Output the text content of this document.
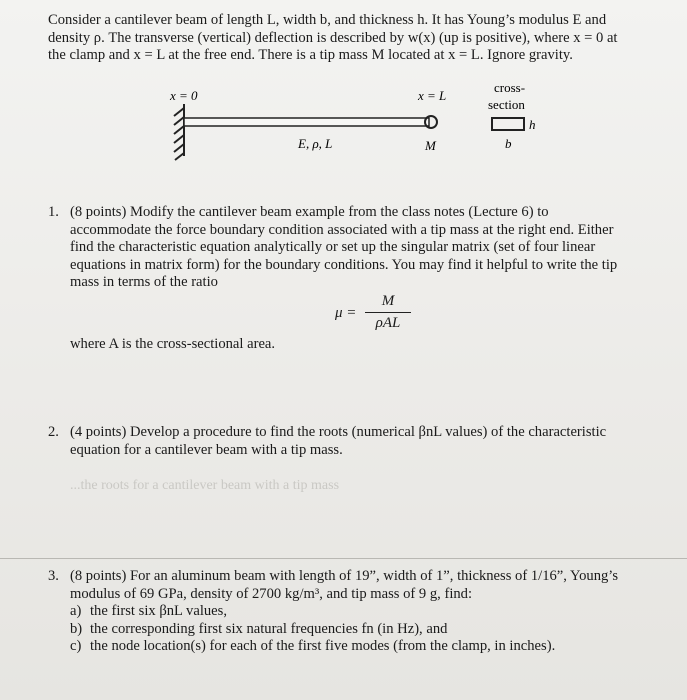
Consider a cantilever beam of length L, width b, and thickness h. It has Young’s modulus E and
density ρ. The transverse (vertical) deflection is described by w(x) (up is positive), where x = 0 at
the clamp and x = L at the free end. There is a tip mass M located at x = L. Ignore gravity.
x = 0	x = L
cross-
section
E, ρ, L	M
h
b
1. (8 points) Modify the cantilever beam example from the class notes (Lecture 6) to
accommodate the force boundary condition associated with a tip mass at the right end. Either
find the characteristic equation analytically or set up the singular matrix (set of four linear
equations in matrix form) for the boundary conditions. You may find it helpful to write the tip
mass in terms of the ratio
μ =
M
ρAL
where A is the cross-sectional area.
2. (4 points) Develop a procedure to find the roots (numerical βnL values) of the characteristic
equation for a cantilever beam with a tip mass.
...the roots for a cantilever beam with a tip mass
3. (8 points) For an aluminum beam with length of 19”, width of 1”, thickness of 1/16”, Young’s
modulus of 69 GPa, density of 2700 kg/m³, and tip mass of 9 g, find:
a) the first six βnL values,
b) the corresponding first six natural frequencies fn (in Hz), and
c) the node location(s) for each of the first five modes (from the clamp, in inches).
